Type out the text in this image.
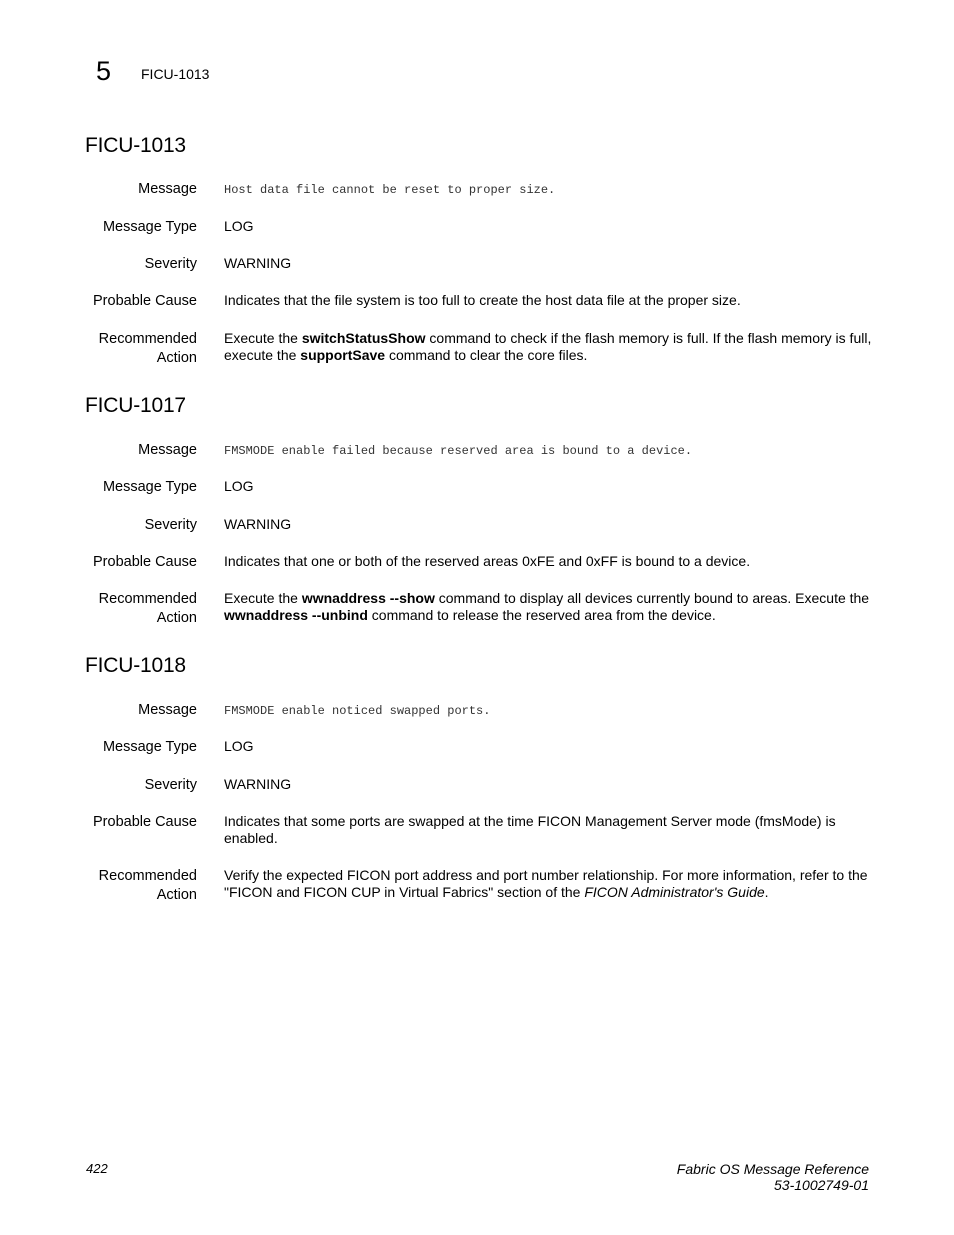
5 FICU-1013
FICU-1013
Message Host data file cannot be reset to proper size.
Message Type LOG
Severity WARNING
Probable Cause Indicates that the file system is too full to create the host data file at the proper size.
Recommended
Action
Execute the switchStatusShow command to check if the flash memory is full. If the flash memory is full, execute the supportSave command to clear the core files.
FICU-1017
Message FMSMODE enable failed because reserved area is bound to a device.
Message Type LOG
Severity WARNING
Probable Cause Indicates that one or both of the reserved areas 0xFE and 0xFF is bound to a device.
Recommended
Action
Execute the wwnaddress --show command to display all devices currently bound to areas. Execute the wwnaddress --unbind command to release the reserved area from the device.
FICU-1018
Message FMSMODE enable noticed swapped ports.
Message Type LOG
Severity WARNING
Probable Cause Indicates that some ports are swapped at the time FICON Management Server mode (fmsMode) is enabled.
Recommended
Action
Verify the expected FICON port address and port number relationship. For more information, refer to the "FICON and FICON CUP in Virtual Fabrics" section of the FICON Administrator's Guide.
422	Fabric OS Message Reference
53-1002749-01
